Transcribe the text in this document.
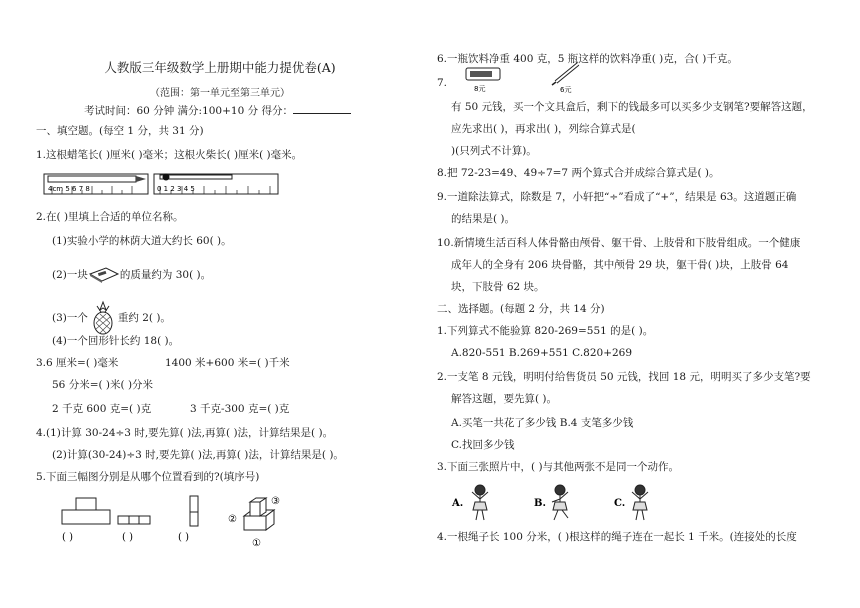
人教版三年级数学上册期中能力提优卷(A)
（范围：第一单元至第三单元）
考试时间：60 分钟 满分:100+10 分 得分：
一、填空题。(每空 1 分，共 31 分)
1.这根蜡笔长( )厘米( )毫米；这根火柴长( )厘米( )毫米。
4cm 5 6 7 8	0 1 2 3 4 5
2.在( )里填上合适的单位名称。
(1)实验小学的林荫大道大约长 60( )。
(2)一块	的质量约为 30( )。
(3)一个	重约 2( )。
(4)一个回形针长约 18( )。
3.6 厘米=( )毫米	1400 米+600 米=( )千米
56 分米=( )米( )分米
2 千克 600 克=( )克	3 千克-300 克=( )克
4.(1)计算 30-24÷3 时,要先算( )法,再算( )法，计算结果是( )。
(2)计算(30-24)÷3 时,要先算( )法,再算( )法，计算结果是( )。
5.下面三幅图分别是从哪个位置看到的?(填序号)
②
③
①
( )	( )	( )
6.一瓶饮料净重 400 克，5 瓶这样的饮料净重( )克，合( )千克。
7.	8元	6元
有 50 元钱，买一个文具盒后，剩下的钱最多可以买多少支钢笔?要解答这题，
应先求出( )，再求出( )，列综合算式是(
)(只列式不计算)。
8.把 72-23=49、49÷7=7 两个算式合并成综合算式是( )。
9.一道除法算式，除数是 7，小轩把“÷”看成了“+”，结果是 63。这道题正确
的结果是( )。
10.新情境生活百科人体骨骼由颅骨、躯干骨、上肢骨和下肢骨组成。一个健康
成年人的全身有 206 块骨骼，其中颅骨 29 块，躯干骨( )块，上肢骨 64
块，下肢骨 62 块。
二、选择题。(每题 2 分，共 14 分)
1.下列算式不能验算 820-269=551 的是( )。
A.820-551 B.269+551 C.820+269
2.一支笔 8 元钱，明明付给售货员 50 元钱，找回 18 元，明明买了多少支笔?要
解答这题，要先算( )。
A.买笔一共花了多少钱 B.4 支笔多少钱
C.找回多少钱
3.下面三张照片中，( )与其他两张不是同一个动作。
A.	B.	C.
4.一根绳子长 100 分米，( )根这样的绳子连在一起长 1 千米。(连接处的长度
